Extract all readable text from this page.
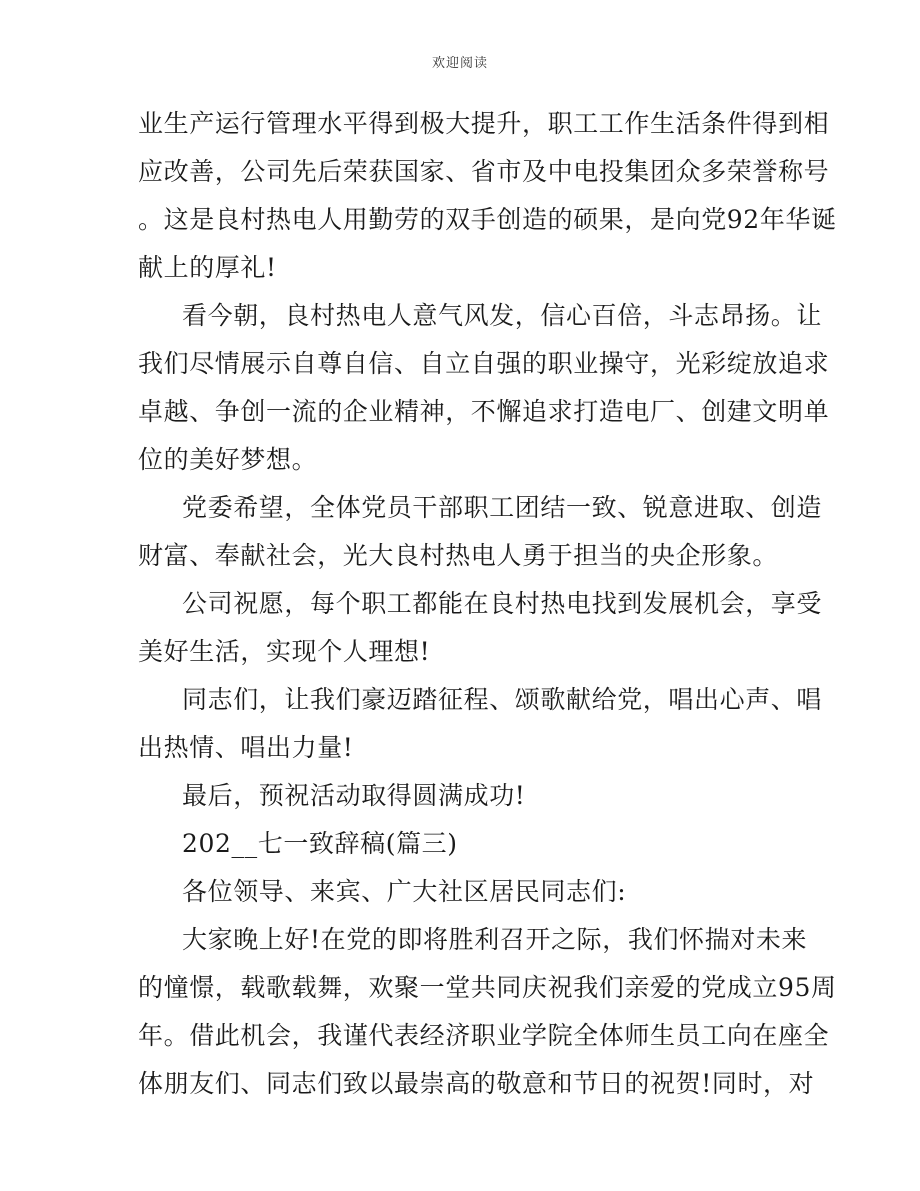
欢迎阅读
业生产运行管理水平得到极大提升，职工工作生活条件得到相
应改善，公司先后荣获国家、省市及中电投集团众多荣誉称号
。这是良村热电人用勤劳的双手创造的硕果，是向党92年华诞
献上的厚礼!
看今朝，良村热电人意气风发，信心百倍，斗志昂扬。让
我们尽情展示自尊自信、自立自强的职业操守，光彩绽放追求
卓越、争创一流的企业精神，不懈追求打造电厂、创建文明单
位的美好梦想。
党委希望，全体党员干部职工团结一致、锐意进取、创造
财富、奉献社会，光大良村热电人勇于担当的央企形象。
公司祝愿，每个职工都能在良村热电找到发展机会，享受
美好生活，实现个人理想!
同志们，让我们豪迈踏征程、颂歌献给党，唱出心声、唱
出热情、唱出力量!
最后，预祝活动取得圆满成功!
202__七一致辞稿(篇三)
各位领导、来宾、广大社区居民同志们:
大家晚上好!在党的即将胜利召开之际，我们怀揣对未来
的憧憬，载歌载舞，欢聚一堂共同庆祝我们亲爱的党成立95周
年。借此机会，我谨代表经济职业学院全体师生员工向在座全
体朋友们、同志们致以最崇高的敬意和节日的祝贺!同时，对
